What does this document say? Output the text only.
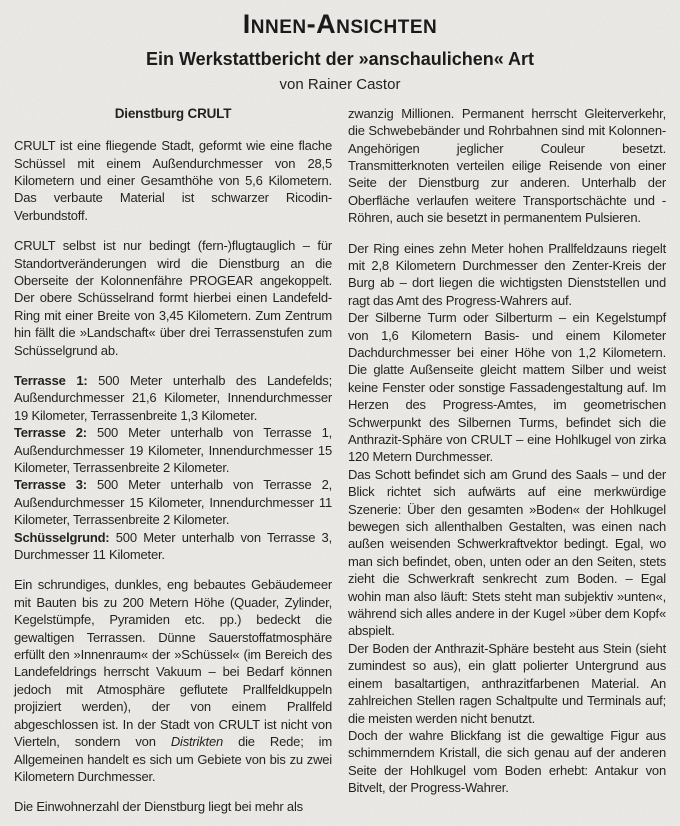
Innen-Ansichten
Ein Werkstattbericht der »anschaulichen« Art
von Rainer Castor
Dienstburg CRULT

CRULT ist eine fliegende Stadt, geformt wie eine flache Schüssel mit einem Außendurchmesser von 28,5 Kilometern und einer Gesamthöhe von 5,6 Kilometern. Das verbaute Material ist schwarzer Ricodin-Verbundstoff.

CRULT selbst ist nur bedingt (fern-)flugtauglich – für Standortveränderungen wird die Dienstburg an die Oberseite der Kolonnenfähre PROGEAR angekoppelt. Der obere Schüsselrand formt hierbei einen Landefeld-Ring mit einer Breite von 3,45 Kilometern. Zum Zentrum hin fällt die »Landschaft« über drei Terrassenstufen zum Schüsselgrund ab.

Terrasse 1: 500 Meter unterhalb des Landefelds; Außendurchmesser 21,6 Kilometer, Innendurchmesser 19 Kilometer, Terrassenbreite 1,3 Kilometer.

Terrasse 2: 500 Meter unterhalb von Terrasse 1, Außendurchmesser 19 Kilometer, Innendurchmesser 15 Kilometer, Terrassenbreite 2 Kilometer.

Terrasse 3: 500 Meter unterhalb von Terrasse 2, Außendurchmesser 15 Kilometer, Innendurchmesser 11 Kilometer, Terrassenbreite 2 Kilometer.

Schüsselgrund: 500 Meter unterhalb von Terrasse 3, Durchmesser 11 Kilometer.

Ein schrundiges, dunkles, eng bebautes Gebäudemeer mit Bauten bis zu 200 Metern Höhe (Quader, Zylinder, Kegelstümpfe, Pyramiden etc. pp.) bedeckt die gewaltigen Terrassen. Dünne Sauerstoffatmosphäre erfüllt den »Innenraum« der »Schüssel« (im Bereich des Landefeldrings herrscht Vakuum – bei Bedarf können jedoch mit Atmosphäre geflutete Prallfeldkuppeln projiziert werden), der von einem Prallfeld abgeschlossen ist. In der Stadt von CRULT ist nicht von Vierteln, sondern von Distrikten die Rede; im Allgemeinen handelt es sich um Gebiete von bis zu zwei Kilometern Durchmesser.

Die Einwohnerzahl der Dienstburg liegt bei mehr als

zwanzig Millionen. Permanent herrscht Gleiterverkehr, die Schwebebänder und Rohrbahnen sind mit Kolonnen-Angehörigen jeglicher Couleur besetzt. Transmitterknoten verteilen eilige Reisende von einer Seite der Dienstburg zur anderen. Unterhalb der Oberfläche verlaufen weitere Transportschächte und -Röhren, auch sie besetzt in permanentem Pulsieren.

Der Ring eines zehn Meter hohen Prallfeldzauns riegelt mit 2,8 Kilometern Durchmesser den Zenter-Kreis der Burg ab – dort liegen die wichtigsten Dienststellen und ragt das Amt des Progress-Wahrers auf.

Der Silberne Turm oder Silberturm – ein Kegelstumpf von 1,6 Kilometern Basis- und einem Kilometer Dachdurchmesser bei einer Höhe von 1,2 Kilometern. Die glatte Außenseite gleicht mattem Silber und weist keine Fenster oder sonstige Fassadengestaltung auf. Im Herzen des Progress-Amtes, im geometrischen Schwerpunkt des Silbernen Turms, befindet sich die Anthrazit-Sphäre von CRULT – eine Hohlkugel von zirka 120 Metern Durchmesser.

Das Schott befindet sich am Grund des Saals – und der Blick richtet sich aufwärts auf eine merkwürdige Szenerie: Über den gesamten »Boden« der Hohlkugel bewegen sich allenthalben Gestalten, was einen nach außen weisenden Schwerkraftvektor bedingt. Egal, wo man sich befindet, oben, unten oder an den Seiten, stets zieht die Schwerkraft senkrecht zum Boden. – Egal wohin man also läuft: Stets steht man subjektiv »unten«, während sich alles andere in der Kugel »über dem Kopf« abspielt.

Der Boden der Anthrazit-Sphäre besteht aus Stein (sieht zumindest so aus), ein glatt polierter Untergrund aus einem basaltartigen, anthrazitfarbenen Material. An zahlreichen Stellen ragen Schaltpulte und Terminals auf; die meisten werden nicht benutzt.

Doch der wahre Blickfang ist die gewaltige Figur aus schimmerndem Kristall, die sich genau auf der anderen Seite der Hohlkugel vom Boden erhebt: Antakur von Bitvelt, der Progress-Wahrer.
